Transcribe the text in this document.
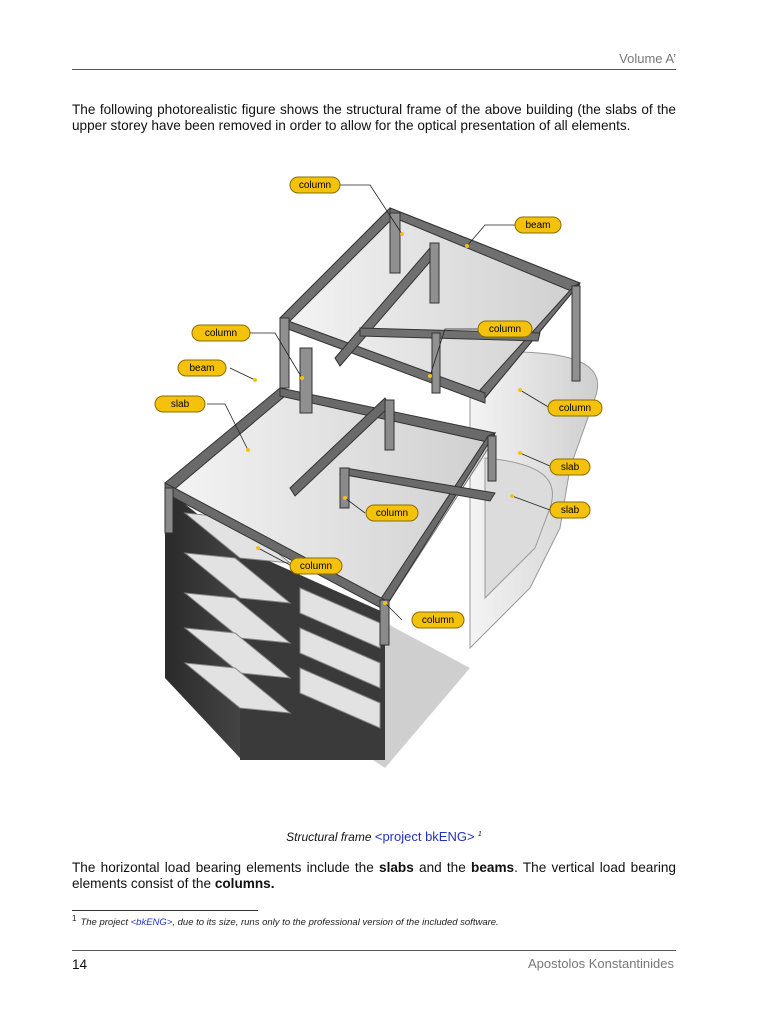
Volume A’

The following photorealistic figure shows the structural frame of the above building (the slabs of the upper storey have been removed in order to allow for the optical presentation of all elements.

column
beam
column	column
beam
slab	column
slab
slab
column
column
column
Structural frame <project bkENG> $^1$

The horizontal load bearing elements include the slabs and the beams. The vertical load bearing elements consist of the columns.

$^1$ The project <bkENG>, due to its size, runs only to the professional version of the included software.
14	Apostolos Konstantinides
